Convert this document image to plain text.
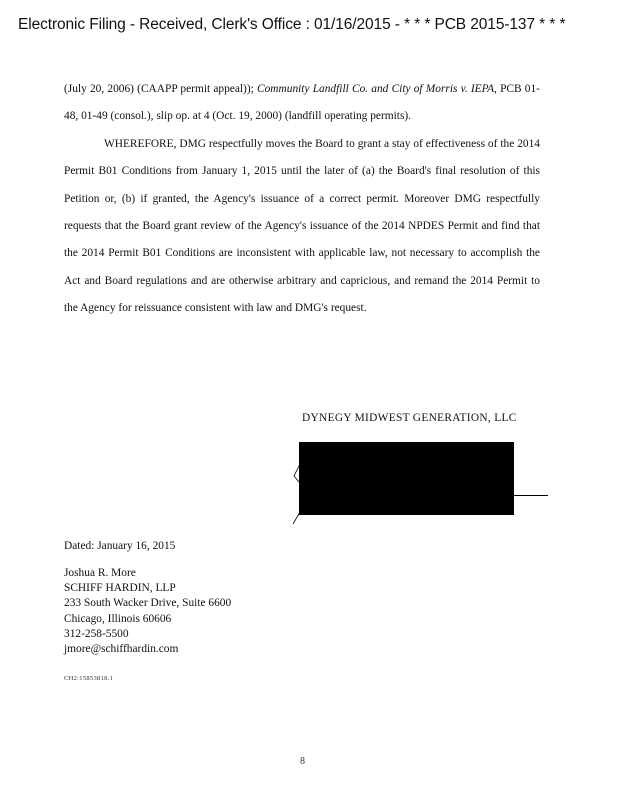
Electronic Filing - Received, Clerk's Office : 01/16/2015 - * * * PCB 2015-137 * * *

(July 20, 2006) (CAAPP permit appeal)); Community Landfill Co. and City of Morris v. IEPA, PCB 01-48, 01-49 (consol.), slip op. at 4 (Oct. 19, 2000) (landfill operating permits).

WHEREFORE, DMG respectfully moves the Board to grant a stay of effectiveness of the 2014 Permit B01 Conditions from January 1, 2015 until the later of (a) the Board's final resolution of this Petition or, (b) if granted, the Agency's issuance of a correct permit. Moreover DMG respectfully requests that the Board grant review of the Agency's issuance of the 2014 NPDES Permit and find that the 2014 Permit B01 Conditions are inconsistent with applicable law, not necessary to accomplish the Act and Board regulations and are otherwise arbitrary and capricious, and remand the 2014 Permit to the Agency for reissuance consistent with law and DMG's request.

DYNEGY MIDWEST GENERATION, LLC
Dated: January 16, 2015
Joshua R. More
SCHIFF HARDIN, LLP
233 South Wacker Drive, Suite 6600
Chicago, Illinois 60606
312-258-5500
jmore@schiffhardin.com
CH2:15853818.1
8
